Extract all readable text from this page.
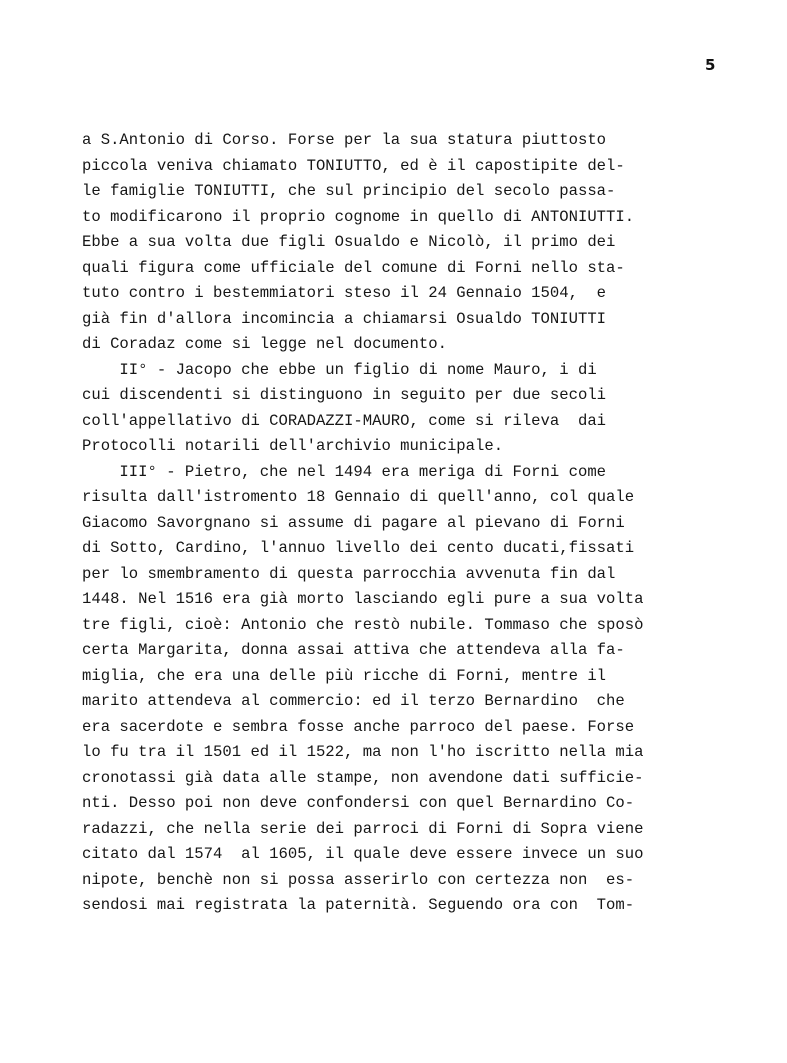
5
a S.Antonio di Corso. Forse per la sua statura piuttosto
piccola veniva chiamato TONIUTTO, ed è il capostipite del-
le famiglie TONIUTTI, che sul principio del secolo passa-
to modificarono il proprio cognome in quello di ANTONIUTTI.
Ebbe a sua volta due figli Osualdo e Nicolò, il primo dei
quali figura come ufficiale del comune di Forni nello sta-
tuto contro i bestemmiatori steso il 24 Gennaio 1504,  e
già fin d'allora incomincia a chiamarsi Osualdo TONIUTTI
di Coradaz come si legge nel documento.
II° - Jacopo che ebbe un figlio di nome Mauro, i di
cui discendenti si distinguono in seguito per due secoli
coll'appellativo di CORADAZZI-MAURO, come si rileva  dai
Protocolli notarili dell'archivio municipale.
III° - Pietro, che nel 1494 era meriga di Forni come
risulta dall'istromento 18 Gennaio di quell'anno, col quale
Giacomo Savorgnano si assume di pagare al pievano di Forni
di Sotto, Cardino, l'annuo livello dei cento ducati,fissati
per lo smembramento di questa parrocchia avvenuta fin dal
1448. Nel 1516 era già morto lasciando egli pure a sua volta
tre figli, cioè: Antonio che restò nubile. Tommaso che sposò
certa Margarita, donna assai attiva che attendeva alla fa-
miglia, che era una delle più ricche di Forni, mentre il
marito attendeva al commercio: ed il terzo Bernardino  che
era sacerdote e sembra fosse anche parroco del paese. Forse
lo fu tra il 1501 ed il 1522, ma non l'ho iscritto nella mia
cronotassi già data alle stampe, non avendone dati sufficie-
nti. Desso poi non deve confondersi con quel Bernardino Co-
radazzi, che nella serie dei parroci di Forni di Sopra viene
citato dal 1574  al 1605, il quale deve essere invece un suo
nipote, benchè non si possa asserirlo con certezza non  es-
sendosi mai registrata la paternità. Seguendo ora con  Tom-
